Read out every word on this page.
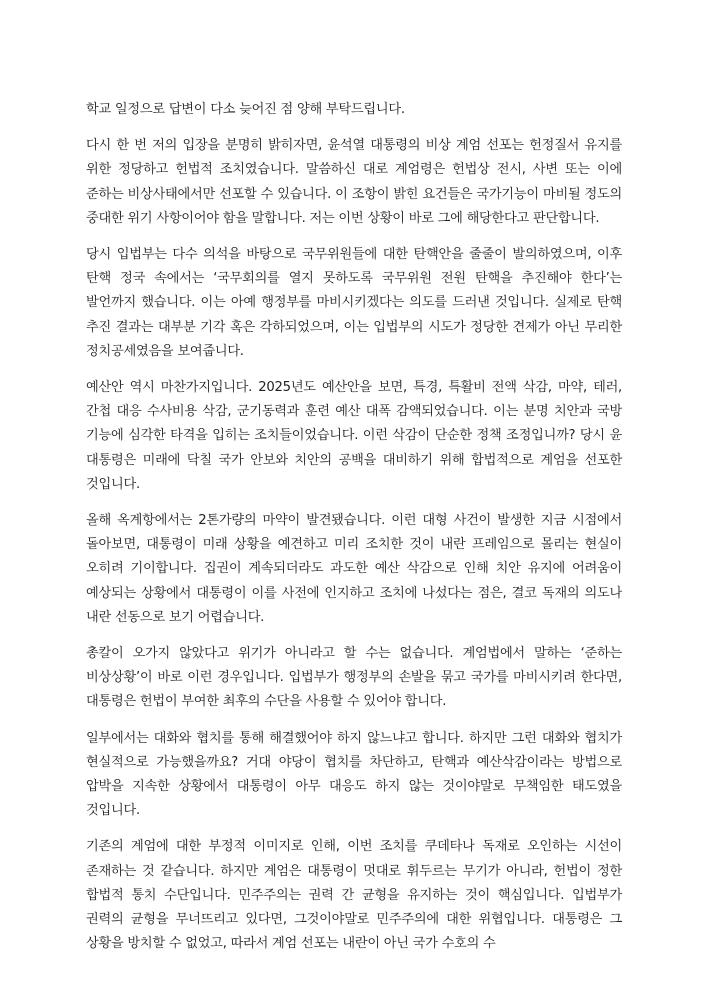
학교 일정으로 답변이 다소 늦어진 점 양해 부탁드립니다.

다시 한 번 저의 입장을 분명히 밝히자면, 윤석열 대통령의 비상 계엄 선포는 헌정질서 유지를 위한 정당하고 헌법적 조치였습니다. 말씀하신 대로 계엄령은 헌법상 전시, 사변 또는 이에 준하는 비상사태에서만 선포할 수 있습니다. 이 조항이 밝힌 요건들은 국가기능이 마비될 정도의 중대한 위기 사항이어야 함을 말합니다. 저는 이번 상황이 바로 그에 해당한다고 판단합니다.

당시 입법부는 다수 의석을 바탕으로 국무위원들에 대한 탄핵안을 줄줄이 발의하였으며, 이후 탄핵 정국 속에서는 ‘국무회의를 열지 못하도록 국무위원 전원 탄핵을 추진해야 한다’는 발언까지 했습니다. 이는 아예 행정부를 마비시키겠다는 의도를 드러낸 것입니다. 실제로 탄핵 추진 결과는 대부분 기각 혹은 각하되었으며, 이는 입법부의 시도가 정당한 견제가 아닌 무리한 정치공세였음을 보여줍니다.

예산안 역시 마찬가지입니다. 2025년도 예산안을 보면, 특경, 특활비 전액 삭감, 마약, 테러, 간첩 대응 수사비용 삭감, 군기동력과 훈련 예산 대폭 감액되었습니다. 이는 분명 치안과 국방 기능에 심각한 타격을 입히는 조치들이었습니다. 이런 삭감이 단순한 정책 조정입니까? 당시 윤 대통령은 미래에 닥칠 국가 안보와 치안의 공백을 대비하기 위해 합법적으로 계엄을 선포한 것입니다.

올해 옥계항에서는 2톤가량의 마약이 발견됐습니다. 이런 대형 사건이 발생한 지금 시점에서 돌아보면, 대통령이 미래 상황을 예견하고 미리 조치한 것이 내란 프레임으로 몰리는 현실이 오히려 기이합니다. 집권이 계속되더라도 과도한 예산 삭감으로 인해 치안 유지에 어려움이 예상되는 상황에서 대통령이 이를 사전에 인지하고 조치에 나섰다는 점은, 결코 독재의 의도나 내란 선동으로 보기 어렵습니다.

총칼이 오가지 않았다고 위기가 아니라고 할 수는 없습니다. 계엄법에서 말하는 ‘준하는 비상상황’이 바로 이런 경우입니다. 입법부가 행정부의 손발을 묶고 국가를 마비시키려 한다면, 대통령은 헌법이 부여한 최후의 수단을 사용할 수 있어야 합니다.

일부에서는 대화와 협치를 통해 해결했어야 하지 않느냐고 합니다. 하지만 그런 대화와 협치가 현실적으로 가능했을까요? 거대 야당이 협치를 차단하고, 탄핵과 예산삭감이라는 방법으로 압박을 지속한 상황에서 대통령이 아무 대응도 하지 않는 것이야말로 무책임한 태도였을 것입니다.

기존의 계엄에 대한 부정적 이미지로 인해, 이번 조치를 쿠데타나 독재로 오인하는 시선이 존재하는 것 같습니다. 하지만 계엄은 대통령이 멋대로 휘두르는 무기가 아니라, 헌법이 정한 합법적 통치 수단입니다. 민주주의는 권력 간 균형을 유지하는 것이 핵심입니다. 입법부가 권력의 균형을 무너뜨리고 있다면, 그것이야말로 민주주의에 대한 위협입니다. 대통령은 그 상황을 방치할 수 없었고, 따라서 계엄 선포는 내란이 아닌 국가 수호의 수
